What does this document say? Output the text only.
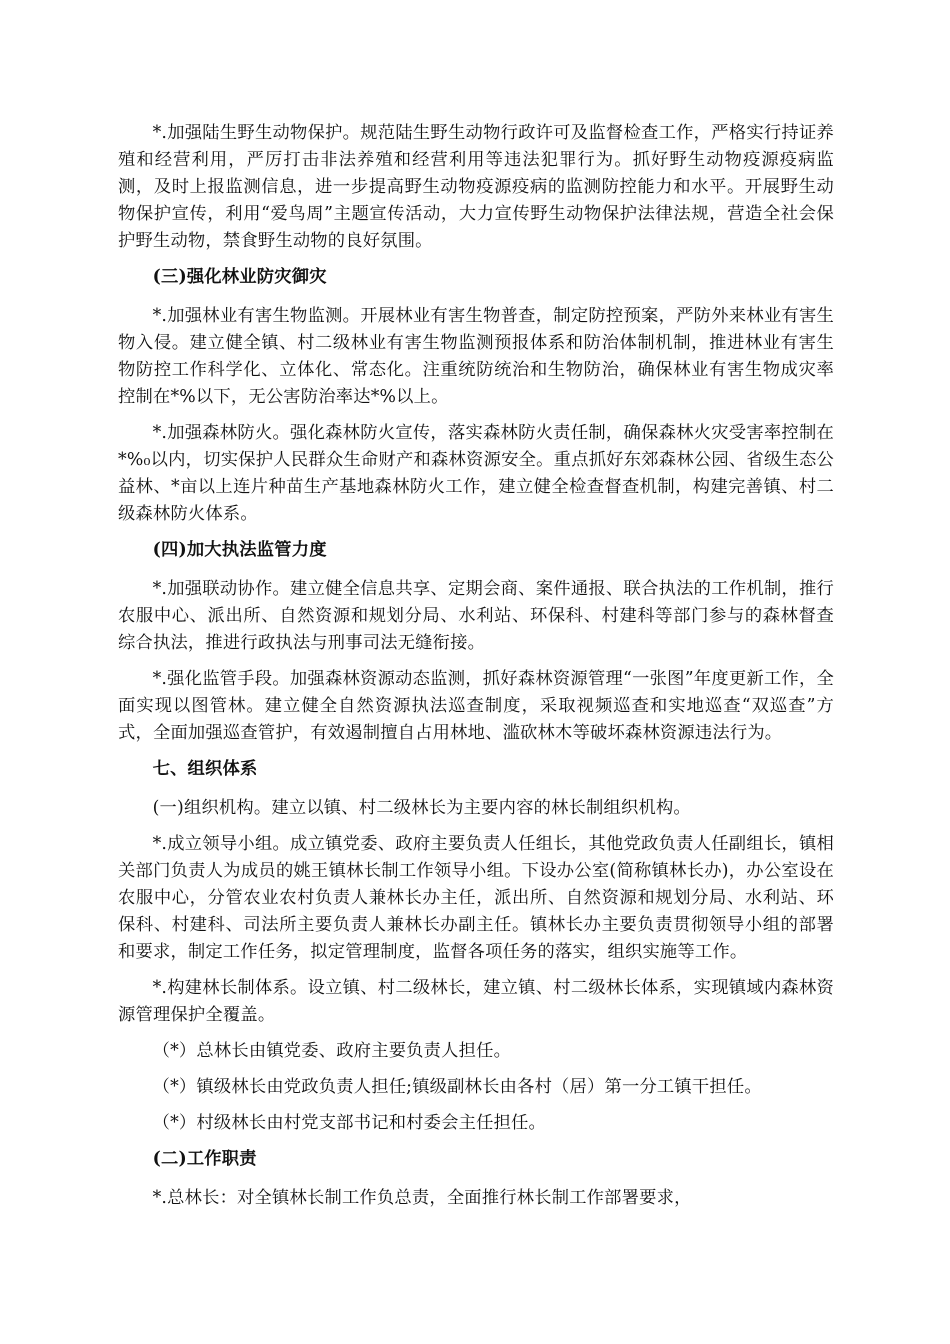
*.加强陆生野生动物保护。规范陆生野生动物行政许可及监督检查工作，严格实行持证养殖和经营利用，严厉打击非法养殖和经营利用等违法犯罪行为。抓好野生动物疫源疫病监测，及时上报监测信息，进一步提高野生动物疫源疫病的监测防控能力和水平。开展野生动物保护宣传，利用“爱鸟周”主题宣传活动，大力宣传野生动物保护法律法规，营造全社会保护野生动物，禁食野生动物的良好氛围。

(三)强化林业防灾御灾

*.加强林业有害生物监测。开展林业有害生物普查，制定防控预案，严防外来林业有害生物入侵。建立健全镇、村二级林业有害生物监测预报体系和防治体制机制，推进林业有害生物防控工作科学化、立体化、常态化。注重统防统治和生物防治，确保林业有害生物成灾率控制在*%以下，无公害防治率达*%以上。

*.加强森林防火。强化森林防火宣传，落实森林防火责任制，确保森林火灾受害率控制在*%₀以内，切实保护人民群众生命财产和森林资源安全。重点抓好东郊森林公园、省级生态公益林、*亩以上连片种苗生产基地森林防火工作，建立健全检查督查机制，构建完善镇、村二级森林防火体系。

(四)加大执法监管力度

*.加强联动协作。建立健全信息共享、定期会商、案件通报、联合执法的工作机制，推行农服中心、派出所、自然资源和规划分局、水利站、环保科、村建科等部门参与的森林督查综合执法，推进行政执法与刑事司法无缝衔接。

*.强化监管手段。加强森林资源动态监测，抓好森林资源管理“一张图”年度更新工作，全面实现以图管林。建立健全自然资源执法巡查制度，采取视频巡查和实地巡查“双巡查”方式，全面加强巡查管护，有效遏制擅自占用林地、滥砍林木等破坏森林资源违法行为。

七、组织体系

(一)组织机构。建立以镇、村二级林长为主要内容的林长制组织机构。

*.成立领导小组。成立镇党委、政府主要负责人任组长，其他党政负责人任副组长，镇相关部门负责人为成员的姚王镇林长制工作领导小组。下设办公室(简称镇林长办)，办公室设在农服中心，分管农业农村负责人兼林长办主任，派出所、自然资源和规划分局、水利站、环保科、村建科、司法所主要负责人兼林长办副主任。镇林长办主要负责贯彻领导小组的部署和要求，制定工作任务，拟定管理制度，监督各项任务的落实，组织实施等工作。

*.构建林长制体系。设立镇、村二级林长，建立镇、村二级林长体系，实现镇域内森林资源管理保护全覆盖。

（*）总林长由镇党委、政府主要负责人担任。

（*）镇级林长由党政负责人担任;镇级副林长由各村（居）第一分工镇干担任。

（*）村级林长由村党支部书记和村委会主任担任。

(二)工作职责

*.总林长：对全镇林长制工作负总责，全面推行林长制工作部署要求，
